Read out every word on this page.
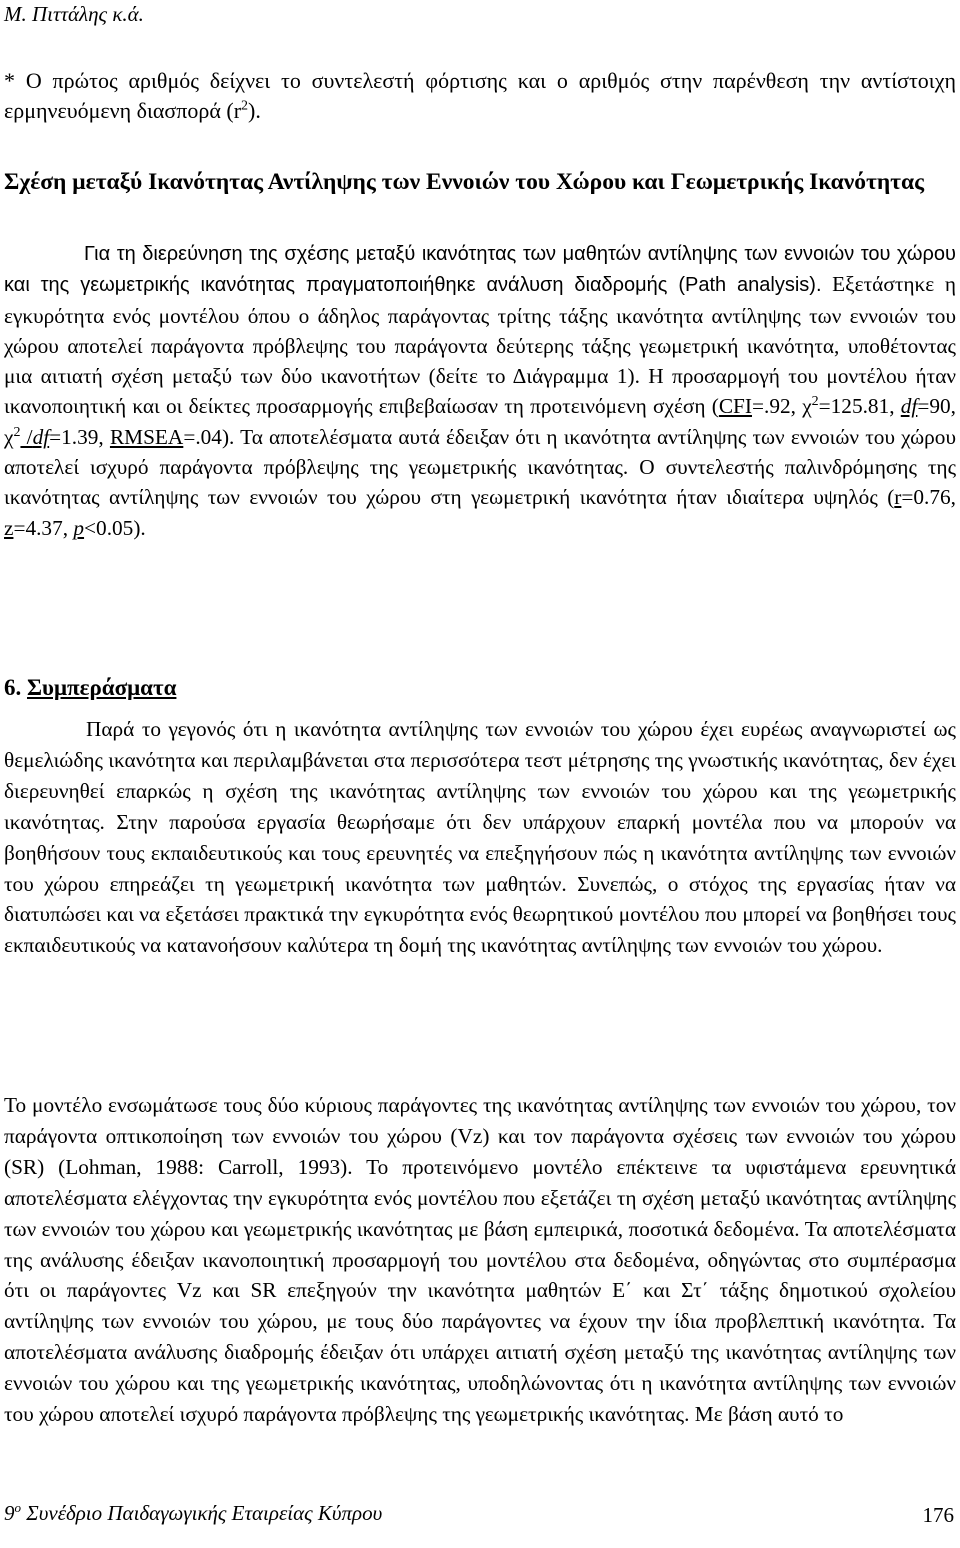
Μ. Πιττάλης κ.ά.
* Ο πρώτος αριθμός δείχνει το συντελεστή φόρτισης και ο αριθμός στην παρένθεση την αντίστοιχη ερμηνευόμενη διασπορά $(r^2)$.
Σχέση μεταξύ Ικανότητας Αντίληψης των Εννοιών του Χώρου και Γεωμετρικής Ικανότητας
Για τη διερεύνηση της σχέσης μεταξύ ικανότητας των μαθητών αντίληψης των εννοιών του χώρου και της γεωμετρικής ικανότητας πραγματοποιήθηκε ανάλυση διαδρομής (Path analysis). Εξετάστηκε η εγκυρότητα ενός μοντέλου όπου ο άδηλος παράγοντας τρίτης τάξης ικανότητα αντίληψης των εννοιών του χώρου αποτελεί παράγοντα πρόβλεψης του παράγοντα δεύτερης τάξης γεωμετρική ικανότητα, υποθέτοντας μια αιτιατή σχέση μεταξύ των δύο ικανοτήτων (δείτε το Διάγραμμα 1). Η προσαρμογή του μοντέλου ήταν ικανοποιητική και οι δείκτες προσαρμογής επιβεβαίωσαν τη προτεινόμενη σχέση (CFI=.92, $\chi^2=125.81$, df=90, $\chi^2$ /df=1.39, RMSEA=.04). Τα αποτελέσματα αυτά έδειξαν ότι η ικανότητα αντίληψης των εννοιών του χώρου αποτελεί ισχυρό παράγοντα πρόβλεψης της γεωμετρικής ικανότητας. Ο συντελεστής παλινδρόμησης της ικανότητας αντίληψης των εννοιών του χώρου στη γεωμετρική ικανότητα ήταν ιδιαίτερα υψηλός (r=0.76, z=4.37, p<0.05).
6. Συμπεράσματα
Παρά το γεγονός ότι η ικανότητα αντίληψης των εννοιών του χώρου έχει ευρέως αναγνωριστεί ως θεμελιώδης ικανότητα και περιλαμβάνεται στα περισσότερα τεστ μέτρησης της γνωστικής ικανότητας, δεν έχει διερευνηθεί επαρκώς η σχέση της ικανότητας αντίληψης των εννοιών του χώρου και της γεωμετρικής ικανότητας. Στην παρούσα εργασία θεωρήσαμε ότι δεν υπάρχουν επαρκή μοντέλα που να μπορούν να βοηθήσουν τους εκπαιδευτικούς και τους ερευνητές να επεξηγήσουν πώς η ικανότητα αντίληψης των εννοιών του χώρου επηρεάζει τη γεωμετρική ικανότητα των μαθητών. Συνεπώς, ο στόχος της εργασίας ήταν να διατυπώσει και να εξετάσει πρακτικά την εγκυρότητα ενός θεωρητικού μοντέλου που μπορεί να βοηθήσει τους εκπαιδευτικούς να κατανοήσουν καλύτερα τη δομή της ικανότητας αντίληψης των εννοιών του χώρου.
Το μοντέλο ενσωμάτωσε τους δύο κύριους παράγοντες της ικανότητας αντίληψης των εννοιών του χώρου, τον παράγοντα οπτικοποίηση των εννοιών του χώρου (Vz) και τον παράγοντα σχέσεις των εννοιών του χώρου (SR) (Lohman, 1988: Carroll, 1993). Το προτεινόμενο μοντέλο επέκτεινε τα υφιστάμενα ερευνητικά αποτελέσματα ελέγχοντας την εγκυρότητα ενός μοντέλου που εξετάζει τη σχέση μεταξύ ικανότητας αντίληψης των εννοιών του χώρου και γεωμετρικής ικανότητας με βάση εμπειρικά, ποσοτικά δεδομένα. Τα αποτελέσματα της ανάλυσης έδειξαν ικανοποιητική προσαρμογή του μοντέλου στα δεδομένα, οδηγώντας στο συμπέρασμα ότι οι παράγοντες Vz και SR επεξηγούν την ικανότητα μαθητών Ε΄ και Στ΄ τάξης δημοτικού σχολείου αντίληψης των εννοιών του χώρου, με τους δύο παράγοντες να έχουν την ίδια προβλεπτική ικανότητα. Τα αποτελέσματα ανάλυσης διαδρομής έδειξαν ότι υπάρχει αιτιατή σχέση μεταξύ της ικανότητας αντίληψης των εννοιών του χώρου και της γεωμετρικής ικανότητας, υποδηλώνοντας ότι η ικανότητα αντίληψης των εννοιών του χώρου αποτελεί ισχυρό παράγοντα πρόβλεψης της γεωμετρικής ικανότητας. Με βάση αυτό το
$9^o$ Συνέδριο Παιδαγωγικής Εταιρείας Κύπρου	176
